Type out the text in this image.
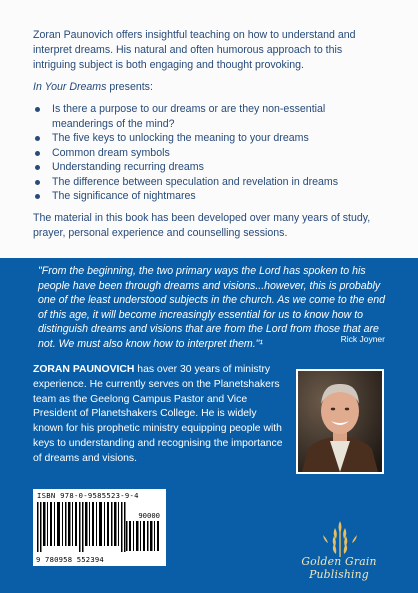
Zoran Paunovich offers insightful teaching on how to understand and interpret dreams. His natural and often humorous approach to this intriguing subject is both engaging and thought provoking.

In Your Dreams presents:

Is there a purpose to our dreams or are they non-essential meanderings of the mind?
The five keys to unlocking the meaning to your dreams
Common dream symbols
Understanding recurring dreams
The difference between speculation and revelation in dreams
The significance of nightmares

The material in this book has been developed over many years of study, prayer, personal experience and counselling sessions.

"From the beginning, the two primary ways the Lord has spoken to his people have been through dreams and visions...however, this is probably one of the least understood subjects in the church. As we come to the end of this age, it will become increasingly essential for us to know how to distinguish dreams and visions that are from the Lord from those that are not. We must also know how to interpret them."¹	Rick Joyner
ZORAN PAUNOVICH has over 30 years of ministry experience. He currently serves on the Planetshakers team as the Geelong Campus Pastor and Vice President of Planetshakers College. He is widely known for his prophetic ministry equipping people with keys to understanding and recognising the importance of dreams and visions.
ISBN 978-0-9585523-9-4
90000
9 780958 552394	Golden Grain Publishing
